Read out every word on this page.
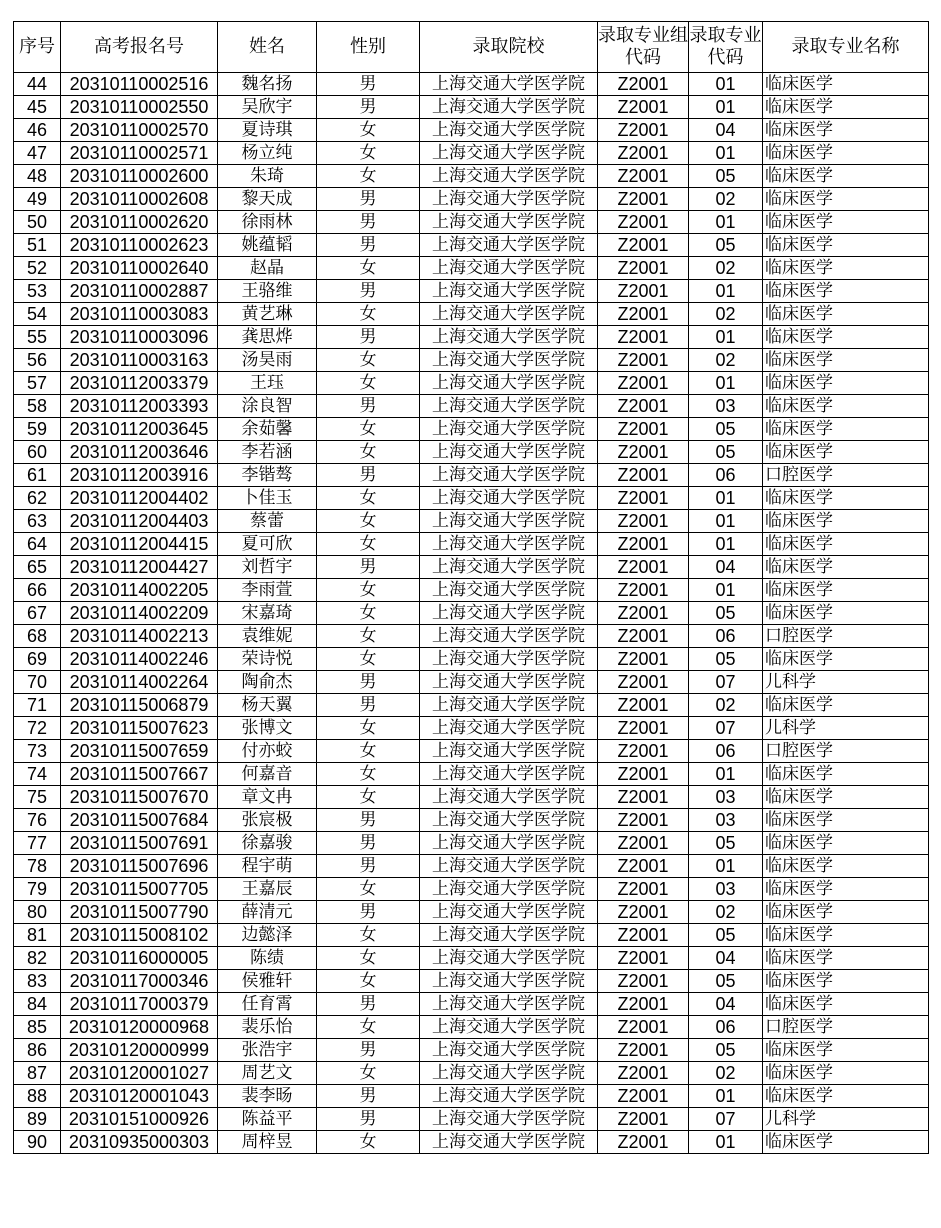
序号	高考报名号	姓名	性别	录取院校	录取专业组代码	录取专业代码	录取专业名称
44	20310110002516	魏名扬	男	上海交通大学医学院	Z2001	01	临床医学
45	20310110002550	吴欣宇	男	上海交通大学医学院	Z2001	01	临床医学
46	20310110002570	夏诗琪	女	上海交通大学医学院	Z2001	04	临床医学
47	20310110002571	杨立纯	女	上海交通大学医学院	Z2001	01	临床医学
48	20310110002600	朱琦	女	上海交通大学医学院	Z2001	05	临床医学
49	20310110002608	黎天成	男	上海交通大学医学院	Z2001	02	临床医学
50	20310110002620	徐雨林	男	上海交通大学医学院	Z2001	01	临床医学
51	20310110002623	姚蕴韬	男	上海交通大学医学院	Z2001	05	临床医学
52	20310110002640	赵晶	女	上海交通大学医学院	Z2001	02	临床医学
53	20310110002887	王骆维	男	上海交通大学医学院	Z2001	01	临床医学
54	20310110003083	黄艺琳	女	上海交通大学医学院	Z2001	02	临床医学
55	20310110003096	龚思烨	男	上海交通大学医学院	Z2001	01	临床医学
56	20310110003163	汤昊雨	女	上海交通大学医学院	Z2001	02	临床医学
57	20310112003379	王珏	女	上海交通大学医学院	Z2001	01	临床医学
58	20310112003393	涂良智	男	上海交通大学医学院	Z2001	03	临床医学
59	20310112003645	余茹馨	女	上海交通大学医学院	Z2001	05	临床医学
60	20310112003646	李若涵	女	上海交通大学医学院	Z2001	05	临床医学
61	20310112003916	李锴骜	男	上海交通大学医学院	Z2001	06	口腔医学
62	20310112004402	卜佳玉	女	上海交通大学医学院	Z2001	01	临床医学
63	20310112004403	蔡蕾	女	上海交通大学医学院	Z2001	01	临床医学
64	20310112004415	夏可欣	女	上海交通大学医学院	Z2001	01	临床医学
65	20310112004427	刘哲宇	男	上海交通大学医学院	Z2001	04	临床医学
66	20310114002205	李雨萱	女	上海交通大学医学院	Z2001	01	临床医学
67	20310114002209	宋嘉琦	女	上海交通大学医学院	Z2001	05	临床医学
68	20310114002213	袁维妮	女	上海交通大学医学院	Z2001	06	口腔医学
69	20310114002246	荣诗悦	女	上海交通大学医学院	Z2001	05	临床医学
70	20310114002264	陶俞杰	男	上海交通大学医学院	Z2001	07	儿科学
71	20310115006879	杨天翼	男	上海交通大学医学院	Z2001	02	临床医学
72	20310115007623	张博文	女	上海交通大学医学院	Z2001	07	儿科学
73	20310115007659	付亦蛟	女	上海交通大学医学院	Z2001	06	口腔医学
74	20310115007667	何嘉音	女	上海交通大学医学院	Z2001	01	临床医学
75	20310115007670	章文冉	女	上海交通大学医学院	Z2001	03	临床医学
76	20310115007684	张宸极	男	上海交通大学医学院	Z2001	03	临床医学
77	20310115007691	徐嘉骏	男	上海交通大学医学院	Z2001	05	临床医学
78	20310115007696	程宇萌	男	上海交通大学医学院	Z2001	01	临床医学
79	20310115007705	王嘉辰	女	上海交通大学医学院	Z2001	03	临床医学
80	20310115007790	薛清元	男	上海交通大学医学院	Z2001	02	临床医学
81	20310115008102	边懿泽	女	上海交通大学医学院	Z2001	05	临床医学
82	20310116000005	陈绩	女	上海交通大学医学院	Z2001	04	临床医学
83	20310117000346	侯雅轩	女	上海交通大学医学院	Z2001	05	临床医学
84	20310117000379	任育霄	男	上海交通大学医学院	Z2001	04	临床医学
85	20310120000968	裴乐怡	女	上海交通大学医学院	Z2001	06	口腔医学
86	20310120000999	张浩宇	男	上海交通大学医学院	Z2001	05	临床医学
87	20310120001027	周艺文	女	上海交通大学医学院	Z2001	02	临床医学
88	20310120001043	裴李旸	男	上海交通大学医学院	Z2001	01	临床医学
89	20310151000926	陈益平	男	上海交通大学医学院	Z2001	07	儿科学
90	20310935000303	周梓昱	女	上海交通大学医学院	Z2001	01	临床医学
